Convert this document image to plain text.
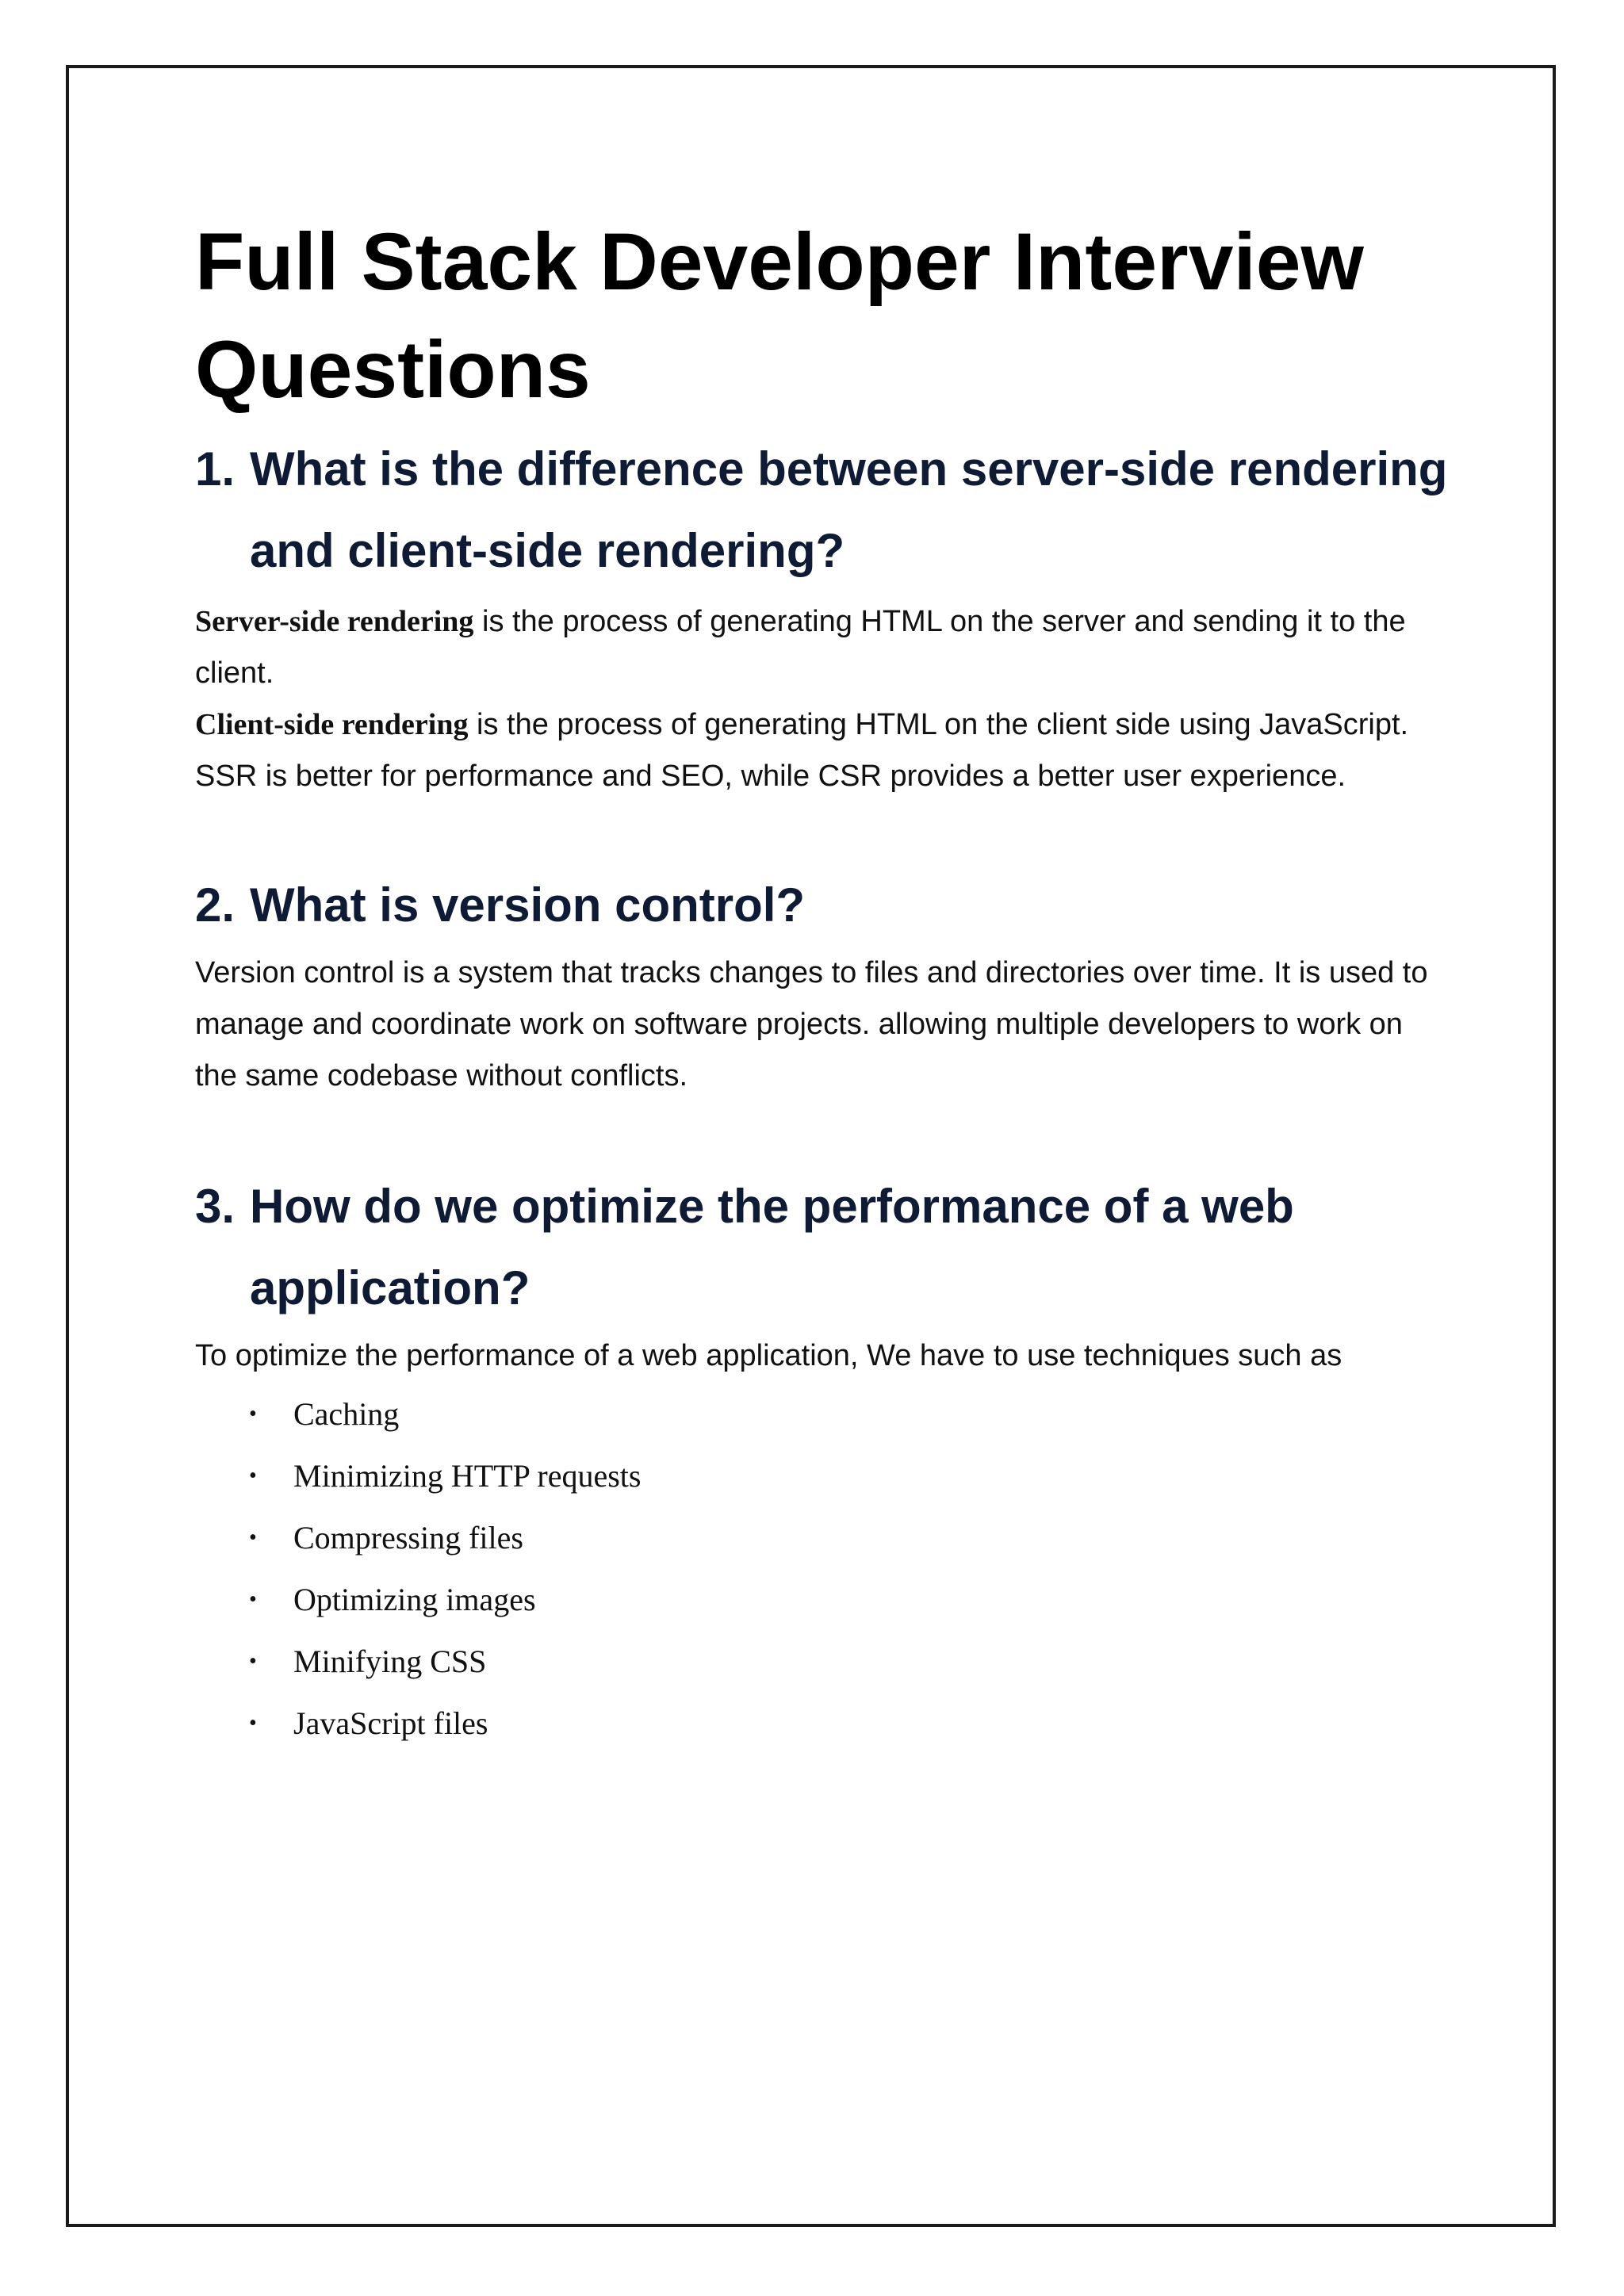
Full Stack Developer Interview Questions
1. What is the difference between server-side rendering and client-side rendering?

Server-side rendering is the process of generating HTML on the server and sending it to the client.

Client-side rendering is the process of generating HTML on the client side using JavaScript. SSR is better for performance and SEO, while CSR provides a better user experience.

2. What is version control?

Version control is a system that tracks changes to files and directories over time. It is used to manage and coordinate work on software projects. allowing multiple developers to work on the same codebase without conflicts.

3. How do we optimize the performance of a web application?

To optimize the performance of a web application, We have to use techniques such as

• Caching
• Minimizing HTTP requests
• Compressing files
• Optimizing images
• Minifying CSS
• JavaScript files
